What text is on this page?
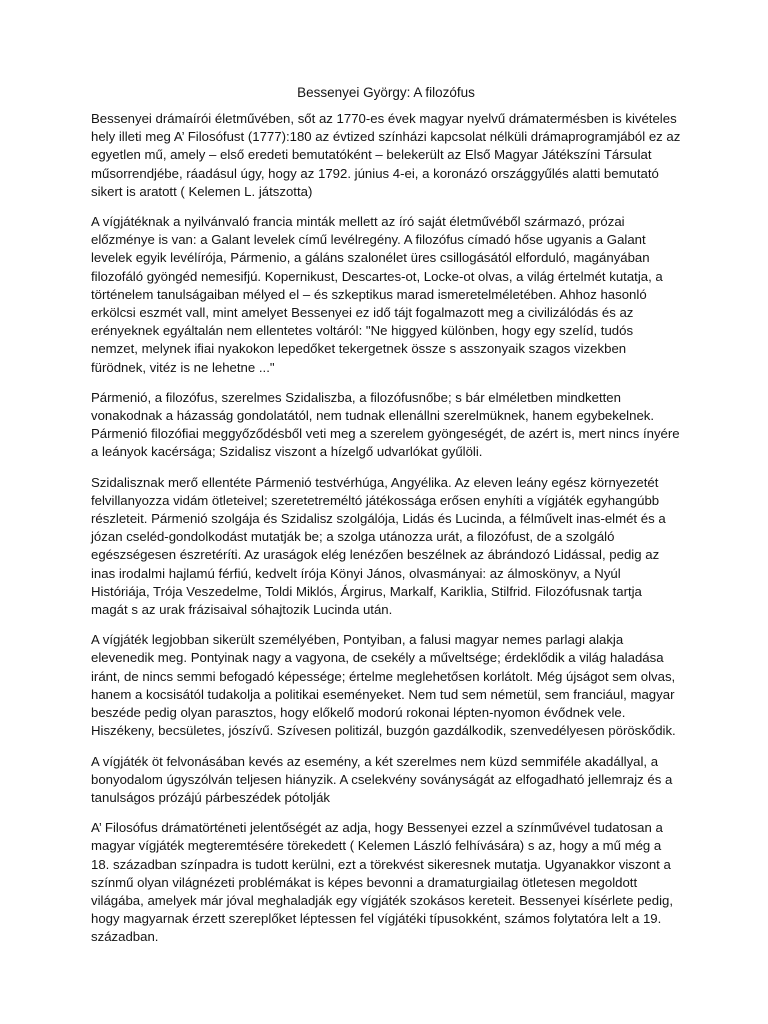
Bessenyei György: A filozófus

Bessenyei drámaírói életművében, sőt az 1770-es évek magyar nyelvű drámatermésben is kivételes hely illeti meg A’ Filosófust (1777):180 az évtized színházi kapcsolat nélküli drámaprogramjából ez az egyetlen mű, amely – első eredeti bemutatóként – belekerült az Első Magyar Játékszíni Társulat műsorrendjébe, ráadásul úgy, hogy az 1792. június 4-ei, a koronázó országgyűlés alatti bemutató sikert is aratott ( Kelemen L. játszotta)

A vígjátéknak a nyilvánvaló francia minták mellett az író saját életművéből származó, prózai előzménye is van: a Galant levelek című levélregény. A filozófus címadó hőse ugyanis a Galant levelek egyik levélírója, Pármenio, a gáláns szalonélet üres csillogásától elforduló, magányában filozofáló gyöngéd nemesifjú. Kopernikust, Descartes-ot, Locke-ot olvas, a világ értelmét kutatja, a történelem tanulságaiban mélyed el – és szkeptikus marad ismeretelméletében. Ahhoz hasonló erkölcsi eszmét vall, mint amelyet Bessenyei ez idő tájt fogalmazott meg a civilizálódás és az erényeknek egyáltalán nem ellentetes voltáról: "Ne higgyed különben, hogy egy szelíd, tudós nemzet, melynek ifiai nyakokon lepedőket tekergetnek össze s asszonyaik szagos vizekben fürödnek, vitéz is ne lehetne ..."

Pármenió, a filozófus, szerelmes Szidaliszba, a filozófusnőbe; s bár elméletben mindketten vonakodnak a házasság gondolatától, nem tudnak ellenállni szerelmüknek, hanem egybekelnek. Pármenió filozófiai meggyőződésből veti meg a szerelem gyöngeségét, de azért is, mert nincs ínyére a leányok kacérsága; Szidalisz viszont a hízelgő udvarlókat gyűlöli.

Szidalisznak merő ellentéte Pármenió testvérhúga, Angyélika. Az eleven leány egész környezetét felvillanyozza vidám ötleteivel; szeretetreméltó játékossága erősen enyhíti a vígjáték egyhangúbb részleteit. Pármenió szolgája és Szidalisz szolgálója, Lidás és Lucinda, a félművelt inas-elmét és a józan cseléd-gondolkodást mutatják be; a szolga utánozza urát, a filozófust, de a szolgáló egészségesen észretéríti. Az uraságok elég lenézően beszélnek az ábrándozó Lidással, pedig az inas irodalmi hajlamú férfiú, kedvelt írója Könyi János, olvasmányai: az álmoskönyv, a Nyúl Históriája, Trója Veszedelme, Toldi Miklós, Árgirus, Markalf, Kariklia, Stilfrid. Filozófusnak tartja magát s az urak frázisaival sóhajtozik Lucinda után.

A vígjáték legjobban sikerült személyében, Pontyiban, a falusi magyar nemes parlagi alakja elevenedik meg. Pontyinak nagy a vagyona, de csekély a műveltsége; érdeklődik a világ haladása iránt, de nincs semmi befogadó képessége; értelme meglehetősen korlátolt. Még újságot sem olvas, hanem a kocsisától tudakolja a politikai eseményeket. Nem tud sem németül, sem franciául, magyar beszéde pedig olyan parasztos, hogy előkelő modorú rokonai lépten-nyomon évődnek vele. Hiszékeny, becsületes, jószívű. Szívesen politizál, buzgón gazdálkodik, szenvedélyesen pöröskődik.

A vígjáték öt felvonásában kevés az esemény, a két szerelmes nem küzd semmiféle akadállyal, a bonyodalom úgyszólván teljesen hiányzik. A cselekvény soványságát az elfogadható jellemrajz és a tanulságos prózájú párbeszédek pótolják

A’ Filosófus drámatörténeti jelentőségét az adja, hogy Bessenyei ezzel a színművével tudatosan a magyar vígjáték megteremtésére törekedett ( Kelemen László felhívására) s az, hogy a mű még a 18. században színpadra is tudott kerülni, ezt a törekvést sikeresnek mutatja. Ugyanakkor viszont a színmű olyan világnézeti problémákat is képes bevonni a dramaturgiailag ötletesen megoldott világába, amelyek már jóval meghaladják egy vígjáték szokásos kereteit. Bessenyei kísérlete pedig, hogy magyarnak érzett szereplőket léptessen fel vígjátéki típusokként, számos folytatóra lelt a 19. században.
